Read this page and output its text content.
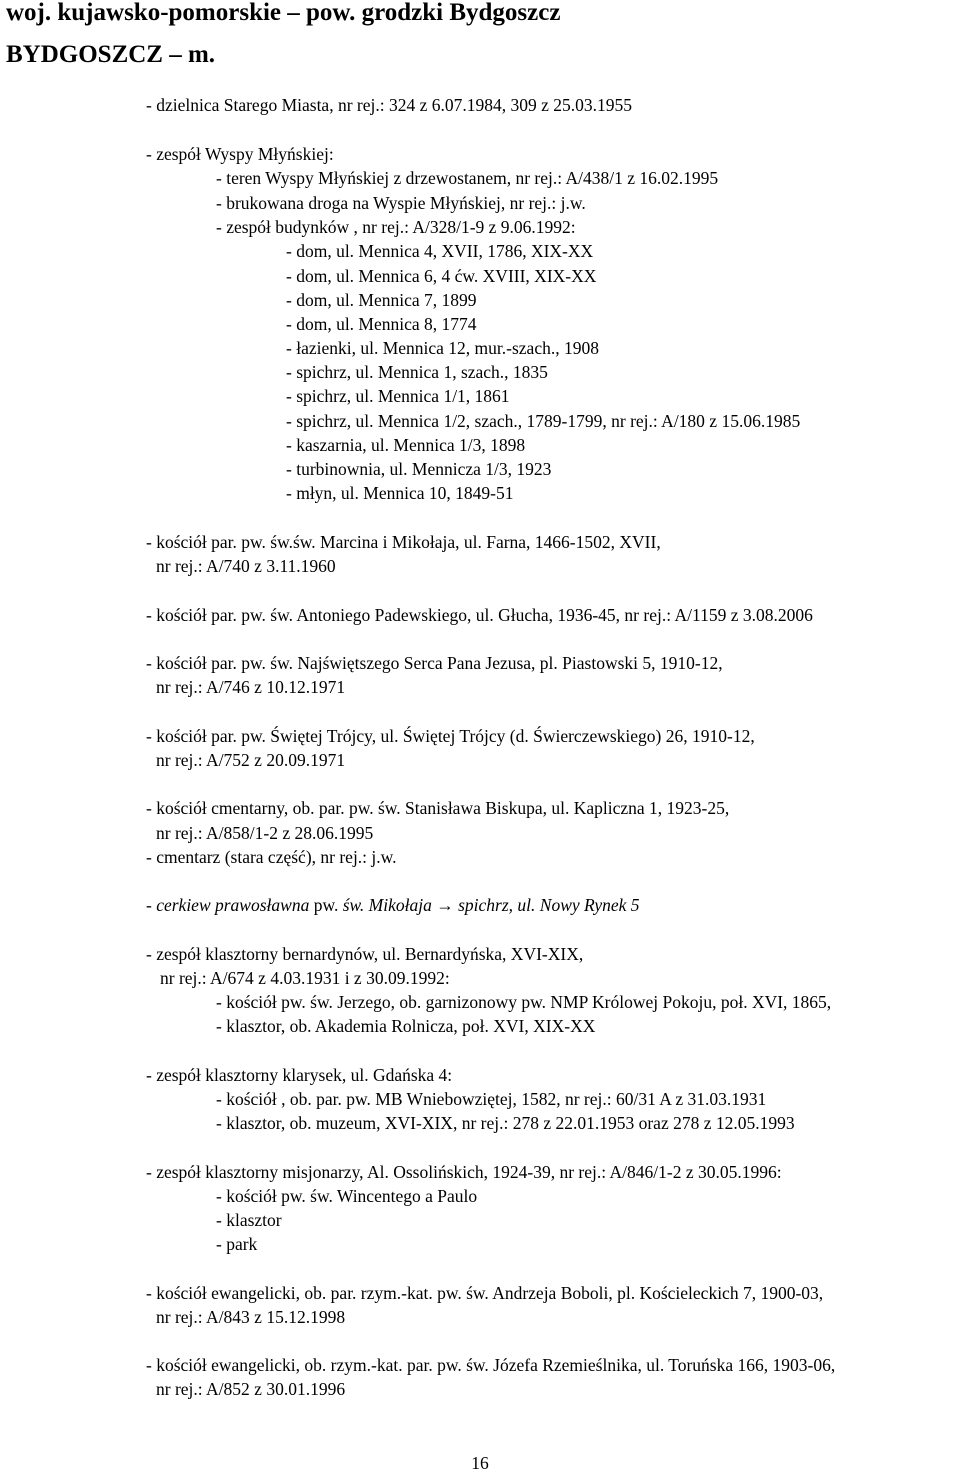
woj. kujawsko-pomorskie – pow. grodzki Bydgoszcz
BYDGOSZCZ – m.
- dzielnica Starego Miasta, nr rej.: 324 z 6.07.1984, 309 z 25.03.1955
- zespół Wyspy Młyńskiej:
- teren Wyspy Młyńskiej z drzewostanem, nr rej.: A/438/1 z 16.02.1995
- brukowana droga na Wyspie Młyńskiej, nr rej.: j.w.
- zespół budynków , nr rej.: A/328/1-9 z 9.06.1992:
- dom, ul. Mennica 4, XVII, 1786, XIX-XX
- dom, ul. Mennica 6, 4 ćw. XVIII, XIX-XX
- dom, ul. Mennica 7, 1899
- dom, ul. Mennica 8, 1774
- łazienki, ul. Mennica 12, mur.-szach., 1908
- spichrz, ul. Mennica 1, szach., 1835
- spichrz, ul. Mennica 1/1, 1861
- spichrz, ul. Mennica 1/2, szach., 1789-1799, nr rej.: A/180 z 15.06.1985
- kaszarnia, ul. Mennica 1/3, 1898
- turbinownia, ul. Mennicza 1/3, 1923
- młyn, ul. Mennica 10, 1849-51
- kościół par. pw. św.św. Marcina i Mikołaja, ul. Farna, 1466-1502, XVII,
nr rej.: A/740 z 3.11.1960
- kościół par. pw. św. Antoniego Padewskiego, ul. Głucha, 1936-45, nr rej.: A/1159 z 3.08.2006
- kościół par. pw. św. Najświętszego Serca Pana Jezusa, pl. Piastowski 5, 1910-12,
nr rej.: A/746 z 10.12.1971
- kościół par. pw. Świętej Trójcy, ul. Świętej Trójcy (d. Świerczewskiego) 26, 1910-12,
nr rej.: A/752 z 20.09.1971
- kościół cmentarny, ob. par. pw. św. Stanisława Biskupa, ul. Kapliczna 1, 1923-25,
nr rej.: A/858/1-2 z 28.06.1995
- cmentarz (stara część), nr rej.: j.w.
- cerkiew prawosławna pw. św. Mikołaja → spichrz, ul. Nowy Rynek 5
- zespół klasztorny bernardynów, ul. Bernardyńska, XVI-XIX,
nr rej.: A/674 z 4.03.1931 i z 30.09.1992:
- kościół pw. św. Jerzego, ob. garnizonowy pw. NMP Królowej Pokoju, poł. XVI, 1865,
- klasztor, ob. Akademia Rolnicza, poł. XVI, XIX-XX
- zespół klasztorny klarysek, ul. Gdańska 4:
- kościół , ob. par. pw. MB Wniebowziętej, 1582, nr rej.: 60/31 A z 31.03.1931
- klasztor, ob. muzeum, XVI-XIX, nr rej.: 278 z 22.01.1953 oraz 278 z 12.05.1993
- zespół klasztorny misjonarzy, Al. Ossolińskich, 1924-39, nr rej.: A/846/1-2 z 30.05.1996:
- kościół pw. św. Wincentego a Paulo
- klasztor
- park
- kościół ewangelicki, ob. par. rzym.-kat. pw. św. Andrzeja Boboli, pl. Kościeleckich 7, 1900-03,
nr rej.: A/843 z 15.12.1998
- kościół ewangelicki, ob. rzym.-kat. par. pw. św. Józefa Rzemieślnika, ul. Toruńska 166, 1903-06,
nr rej.: A/852 z 30.01.1996
16
